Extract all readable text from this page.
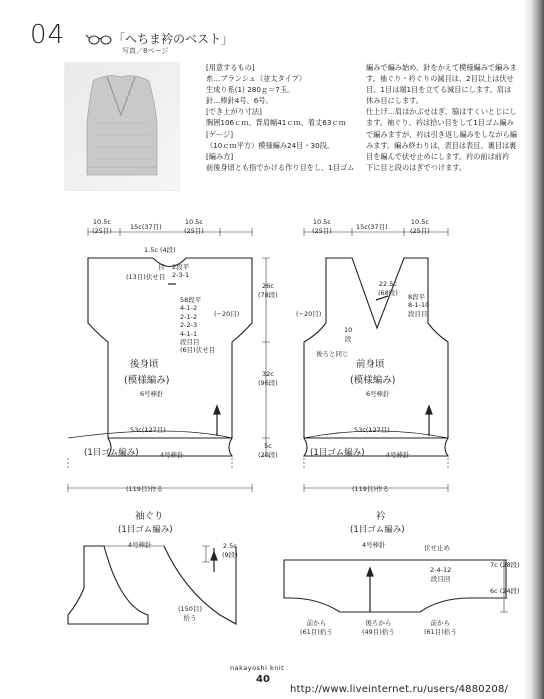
04	「へちま衿のベスト」
写真／8ページ
[用意するもの]
糸…ブランシェ（並太タイプ）
生成り系(1) 280ｇ＝7玉。
針…棒針4号、6号。
[でき上がり寸法]
胸囲106ｃｍ、背肩幅41ｃｍ、着丈63ｃｍ
[ゲージ]
（10ｃｍ平方）模様編み24目・30段。
[編み方]
前後身頃とも指でかける作り目をし、1目ゴム
編みで編み始め、針をかえて模様編みで編みま
す。袖ぐり・衿ぐりの減目は、2目以上は伏せ
目、1目は端1目を立てる減目にします。肩は
休み目にします。
仕上げ…肩はかぶせはぎ、脇はすくいとじにし
ます。袖ぐり、衿は拾い目をして1目ゴム編み
で編みますが、衿は引き返し編みをしながら編
みます。編み終わりは、表目は表目、裏目は裏
目を編んで伏せ止めにします。衿の前は前衿
下に目と段のはぎでつけます。
10.5c
(25目)	15c(37目)
10.5c
(25目)
1.5c (4段)
目 2段平
2-3-1
(13目)伏せ目
58段平
4-1-2
2-1-2
2-2-3
4-1-1
段目目
(6目)伏せ目
(−20目)
後身頃
(模様編み)
6号棒針
53c(127目)
(1目ゴム編み)	4号棒針
(119目)作る
26c
(78段)
32c
(96段)
5c
(20段)
10.5c
(25目)	15c(37目)
10.5c
(25目)
22.5c
(68段) 8段平
8-1-10
段目目
10
段
後ろと同じ
(−20目)
前身頃
(模様編み)
6号棒針
53c(127目)
(1目ゴム編み)	4号棒針
(119目)作る
袖ぐり
(1目ゴム編み)
4号棒針	2.5c
(9段)
(150目)
拾う
衿
(1目ゴム編み)
4号棒針	伏せ止め
2-4-12
段目回
7c (28段)
6c (24段)
前から
(61目)拾う
後ろから
(49目)拾う
前から
(61目)拾う
nakayoshi knit
40
http://www.liveinternet.ru/users/4880208/
